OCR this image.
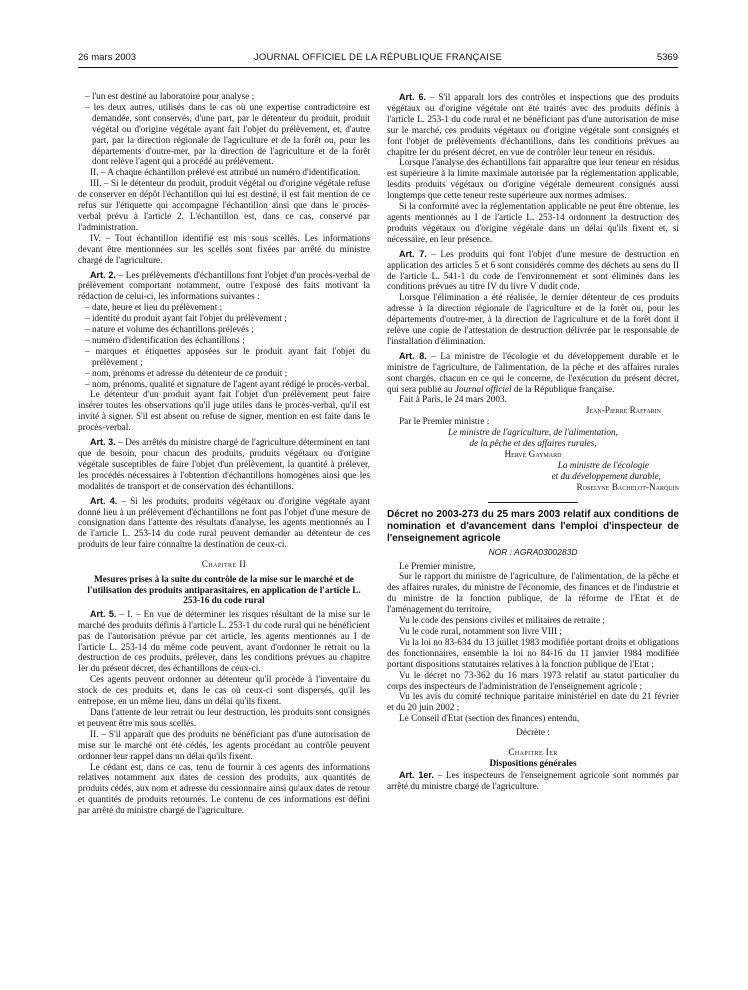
26 mars 2003	JOURNAL OFFICIEL DE LA RÉPUBLIQUE FRANÇAISE	5369

– l'un est destiné au laboratoire pour analyse ;

– les deux autres, utilisés dans le cas où une expertise contradictoire est demandée, sont conservés, d'une part, par le détenteur du produit, produit végétal ou d'origine végétale ayant fait l'objet du prélèvement, et, d'autre part, par la direction régionale de l'agriculture et de la forêt ou, pour les départements d'outre-mer, par la direction de l'agriculture et de la forêt dont relève l'agent qui a procédé au prélèvement.

II. – A chaque échantillon prélevé est attribué un numéro d'identification.

III. – Si le détenteur du produit, produit végétal ou d'origine végétale refuse de conserver en dépôt l'échantillon qui lui est destiné, il est fait mention de ce refus sur l'étiquette qui accompagne l'échantillon ainsi que dans le procès-verbal prévu à l'article 2. L'échantillon est, dans ce cas, conservé par l'administration.

IV. – Tout échantillon identifié est mis sous scellés. Les informations devant être mentionnées sur les scellés sont fixées par arrêté du ministre chargé de l'agriculture.

Art. 2. – Les prélèvements d'échantillons font l'objet d'un procès-verbal de prélèvement comportant notamment, outre l'exposé des faits motivant la rédaction de celui-ci, les informations suivantes :

– date, heure et lieu du prélèvement ;

– identité du produit ayant fait l'objet du prélèvement ;

– nature et volume des échantillons prélevés ;

– numéro d'identification des échantillons ;

– marques et étiquettes apposées sur le produit ayant fait l'objet du prélèvement ;

– nom, prénoms et adresse du détenteur de ce produit ;

– nom, prénoms, qualité et signature de l'agent ayant rédigé le procès-verbal.

Le détenteur d'un produit ayant fait l'objet d'un prélèvement peut faire insérer toutes les observations qu'il juge utiles dans le procès-verbal, qu'il est invité à signer. S'il est absent ou refuse de signer, mention en est faite dans le procès-verbal.

Art. 3. – Des arrêtés du ministre chargé de l'agriculture déterminent en tant que de besoin, pour chacun des produits, produits végétaux ou d'origine végétale susceptibles de faire l'objet d'un prélèvement, la quantité à prélever, les procédés nécessaires à l'obtention d'échantillons homogènes ainsi que les modalités de transport et de conservation des échantillons.

Art. 4. – Si les produits, produits végétaux ou d'origine végétale ayant donné lieu à un prélèvement d'échantillons ne font pas l'objet d'une mesure de consignation dans l'attente des résultats d'analyse, les agents mentionnés au I de l'article L. 253-14 du code rural peuvent demander au détenteur de ces produits de leur faire connaître la destination de ceux-ci.

Chapitre II

Mesures prises à la suite du contrôle de la mise sur le marché et de l'utilisation des produits antiparasitaires, en application de l'article L. 253-16 du code rural

Art. 5. – I. – En vue de déterminer les risques résultant de la mise sur le marché des produits définis à l'article L. 253-1 du code rural qui ne bénéficient pas de l'autorisation prévue par cet article, les agents mentionnés au I de l'article L. 253-14 du même code peuvent, avant d'ordonner le retrait ou la destruction de ces produits, prélever, dans les conditions prévues au chapitre Ier du présent décret, des échantillons de ceux-ci.

Ces agents peuvent ordonner au détenteur qu'il procède à l'inventaire du stock de ces produits et, dans le cas où ceux-ci sont dispersés, qu'il les entrepose, en un même lieu, dans un délai qu'ils fixent.

Dans l'attente de leur retrait ou leur destruction, les produits sont consignés et peuvent être mis sous scellés.

II. – S'il apparaît que des produits ne bénéficiant pas d'une autorisation de mise sur le marché ont été cédés, les agents procédant au contrôle peuvent ordonner leur rappel dans un délai qu'ils fixent.

Le cédant est, dans ce cas, tenu de fournir à ces agents des informations relatives notamment aux dates de cession des produits, aux quantités de produits cédés, aux nom et adresse du cessionnaire ainsi qu'aux dates de retour et quantités de produits retournés. Le contenu de ces informations est défini par arrêté du ministre chargé de l'agriculture.

Art. 6. – S'il apparaît lors des contrôles et inspections que des produits végétaux ou d'origine végétale ont été traités avec des produits définis à l'article L. 253-1 du code rural et ne bénéficiant pas d'une autorisation de mise sur le marché, ces produits végétaux ou d'origine végétale sont consignés et font l'objet de prélèvements d'échantillons, dans les conditions prévues au chapitre Ier du présent décret, en vue de contrôler leur teneur en résidus.

Lorsque l'analyse des échantillons fait apparaître que leur teneur en résidus est supérieure à la limite maximale autorisée par la réglementation applicable, lesdits produits végétaux ou d'origine végétale demeurent consignés aussi longtemps que cette teneur reste supérieure aux normes admises.

Si la conformité avec la réglementation applicable ne peut être obtenue, les agents mentionnés au I de l'article L. 253-14 ordonnent la destruction des produits végétaux ou d'origine végétale dans un délai qu'ils fixent et, si nécessaire, en leur présence.

Art. 7. – Les produits qui font l'objet d'une mesure de destruction en application des articles 5 et 6 sont considérés comme des déchets au sens du II de l'article L. 541-1 du code de l'environnement et sont éliminés dans les conditions prévues au titre IV du livre V dudit code.

Lorsque l'élimination a été réalisée, le dernier détenteur de ces produits adresse à la direction régionale de l'agriculture et de la forêt ou, pour les départements d'outre-mer, à la direction de l'agriculture et de la forêt dont il relève une copie de l'attestation de destruction délivrée par le responsable de l'installation d'élimination.

Art. 8. – La ministre de l'écologie et du développement durable et le ministre de l'agriculture, de l'alimentation, de la pêche et des affaires rurales sont chargés, chacun en ce qui le concerne, de l'exécution du présent décret, qui sera publié au Journal officiel de la République française.

Fait à Paris, le 24 mars 2003.

Jean-Pierre Raffarin

Par le Premier ministre :

Le ministre de l'agriculture, de l'alimentation,

de la pêche et des affaires rurales,

Hervé Gaymard

La ministre de l'écologie

et du développement durable,

Roselyne Bachelot-Narquin

Décret no 2003-273 du 25 mars 2003 relatif aux conditions de nomination et d'avancement dans l'emploi d'inspecteur de l'enseignement agricole

NOR : AGRA0300283D

Le Premier ministre,

Sur le rapport du ministre de l'agriculture, de l'alimentation, de la pêche et des affaires rurales, du ministre de l'économie, des finances et de l'industrie et du ministre de la fonction publique, de la réforme de l'Etat et de l'aménagement du territoire,

Vu le code des pensions civiles et militaires de retraite ;

Vu le code rural, notamment son livre VIII ;

Vu la loi no 83-634 du 13 juillet 1983 modifiée portant droits et obligations des fonctionnaires, ensemble la loi no 84-16 du 11 janvier 1984 modifiée portant dispositions statutaires relatives à la fonction publique de l'Etat ;

Vu le décret no 73-362 du 16 mars 1973 relatif au statut particulier du corps des inspecteurs de l'administration de l'enseignement agricole ;

Vu les avis du comité technique paritaire ministériel en date du 21 février et du 20 juin 2002 ;

Le Conseil d'Etat (section des finances) entendu,

Décrète :

Chapitre Ier

Dispositions générales

Art. 1er. – Les inspecteurs de l'enseignement agricole sont nommés par arrêté du ministre chargé de l'agriculture.
